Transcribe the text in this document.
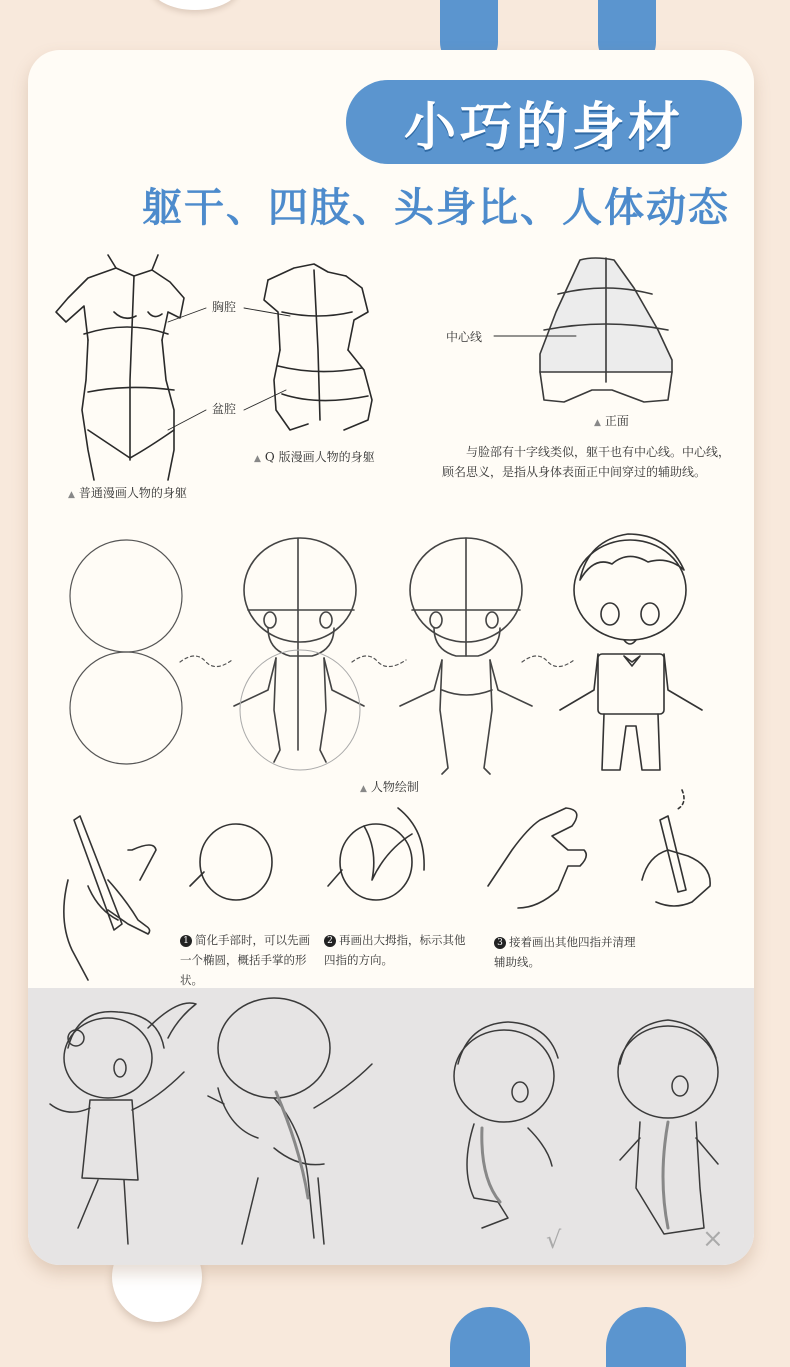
小巧的身材
躯干、四肢、头身比、人体动态
胸腔
盆腔
▲ 普通漫画人物的身躯
▲ Q 版漫画人物的身躯
中心线
▲ 正面
与脸部有十字线类似，躯干也有中心线。中心线，顾名思义，是指从身体表面正中间穿过的辅助线。
▲ 人物绘制
1 简化手部时，可以先画一个椭圆，概括手掌的形状。
2 再画出大拇指，标示其他四指的方向。
3 接着画出其他四指并清理辅助线。
√	×
